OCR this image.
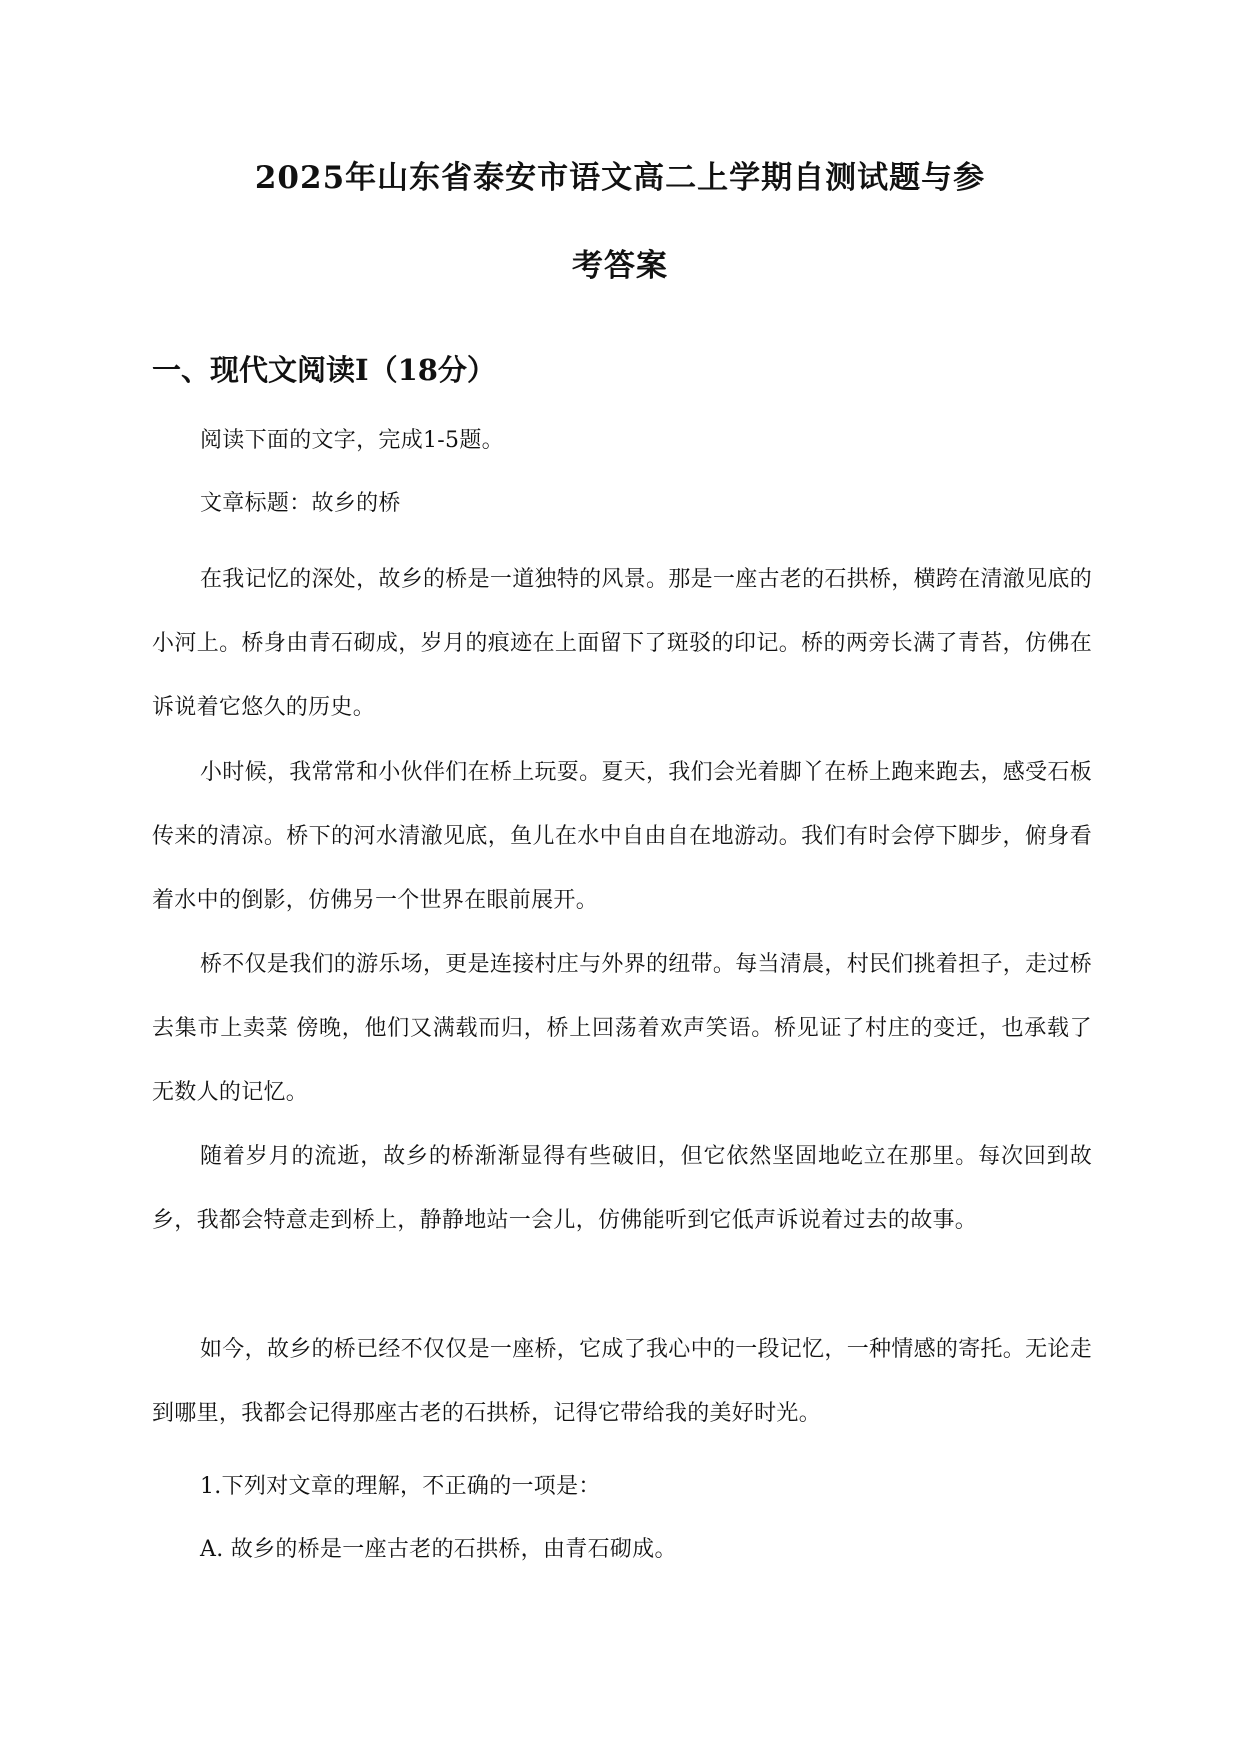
2025年山东省泰安市语文高二上学期自测试题与参
考答案
一、现代文阅读Ⅰ（18分）
阅读下面的文字，完成1-5题。
文章标题：故乡的桥
在我记忆的深处，故乡的桥是一道独特的风景。那是一座古老的石拱桥，横跨在清澈见底的小河上。桥身由青石砌成，岁月的痕迹在上面留下了斑驳的印记。桥的两旁长满了青苔，仿佛在诉说着它悠久的历史。
小时候，我常常和小伙伴们在桥上玩耍。夏天，我们会光着脚丫在桥上跑来跑去，感受石板传来的清凉。桥下的河水清澈见底，鱼儿在水中自由自在地游动。我们有时会停下脚步，俯身看着水中的倒影，仿佛另一个世界在眼前展开。
桥不仅是我们的游乐场，更是连接村庄与外界的纽带。每当清晨，村民们挑着担子，走过桥去集市上卖菜 傍晚，他们又满载而归，桥上回荡着欢声笑语。桥见证了村庄的变迁，也承载了无数人的记忆。
随着岁月的流逝，故乡的桥渐渐显得有些破旧，但它依然坚固地屹立在那里。每次回到故乡，我都会特意走到桥上，静静地站一会儿，仿佛能听到它低声诉说着过去的故事。
如今，故乡的桥已经不仅仅是一座桥，它成了我心中的一段记忆，一种情感的寄托。无论走到哪里，我都会记得那座古老的石拱桥，记得它带给我的美好时光。
1.下列对文章的理解，不正确的一项是：
A. 故乡的桥是一座古老的石拱桥，由青石砌成。
